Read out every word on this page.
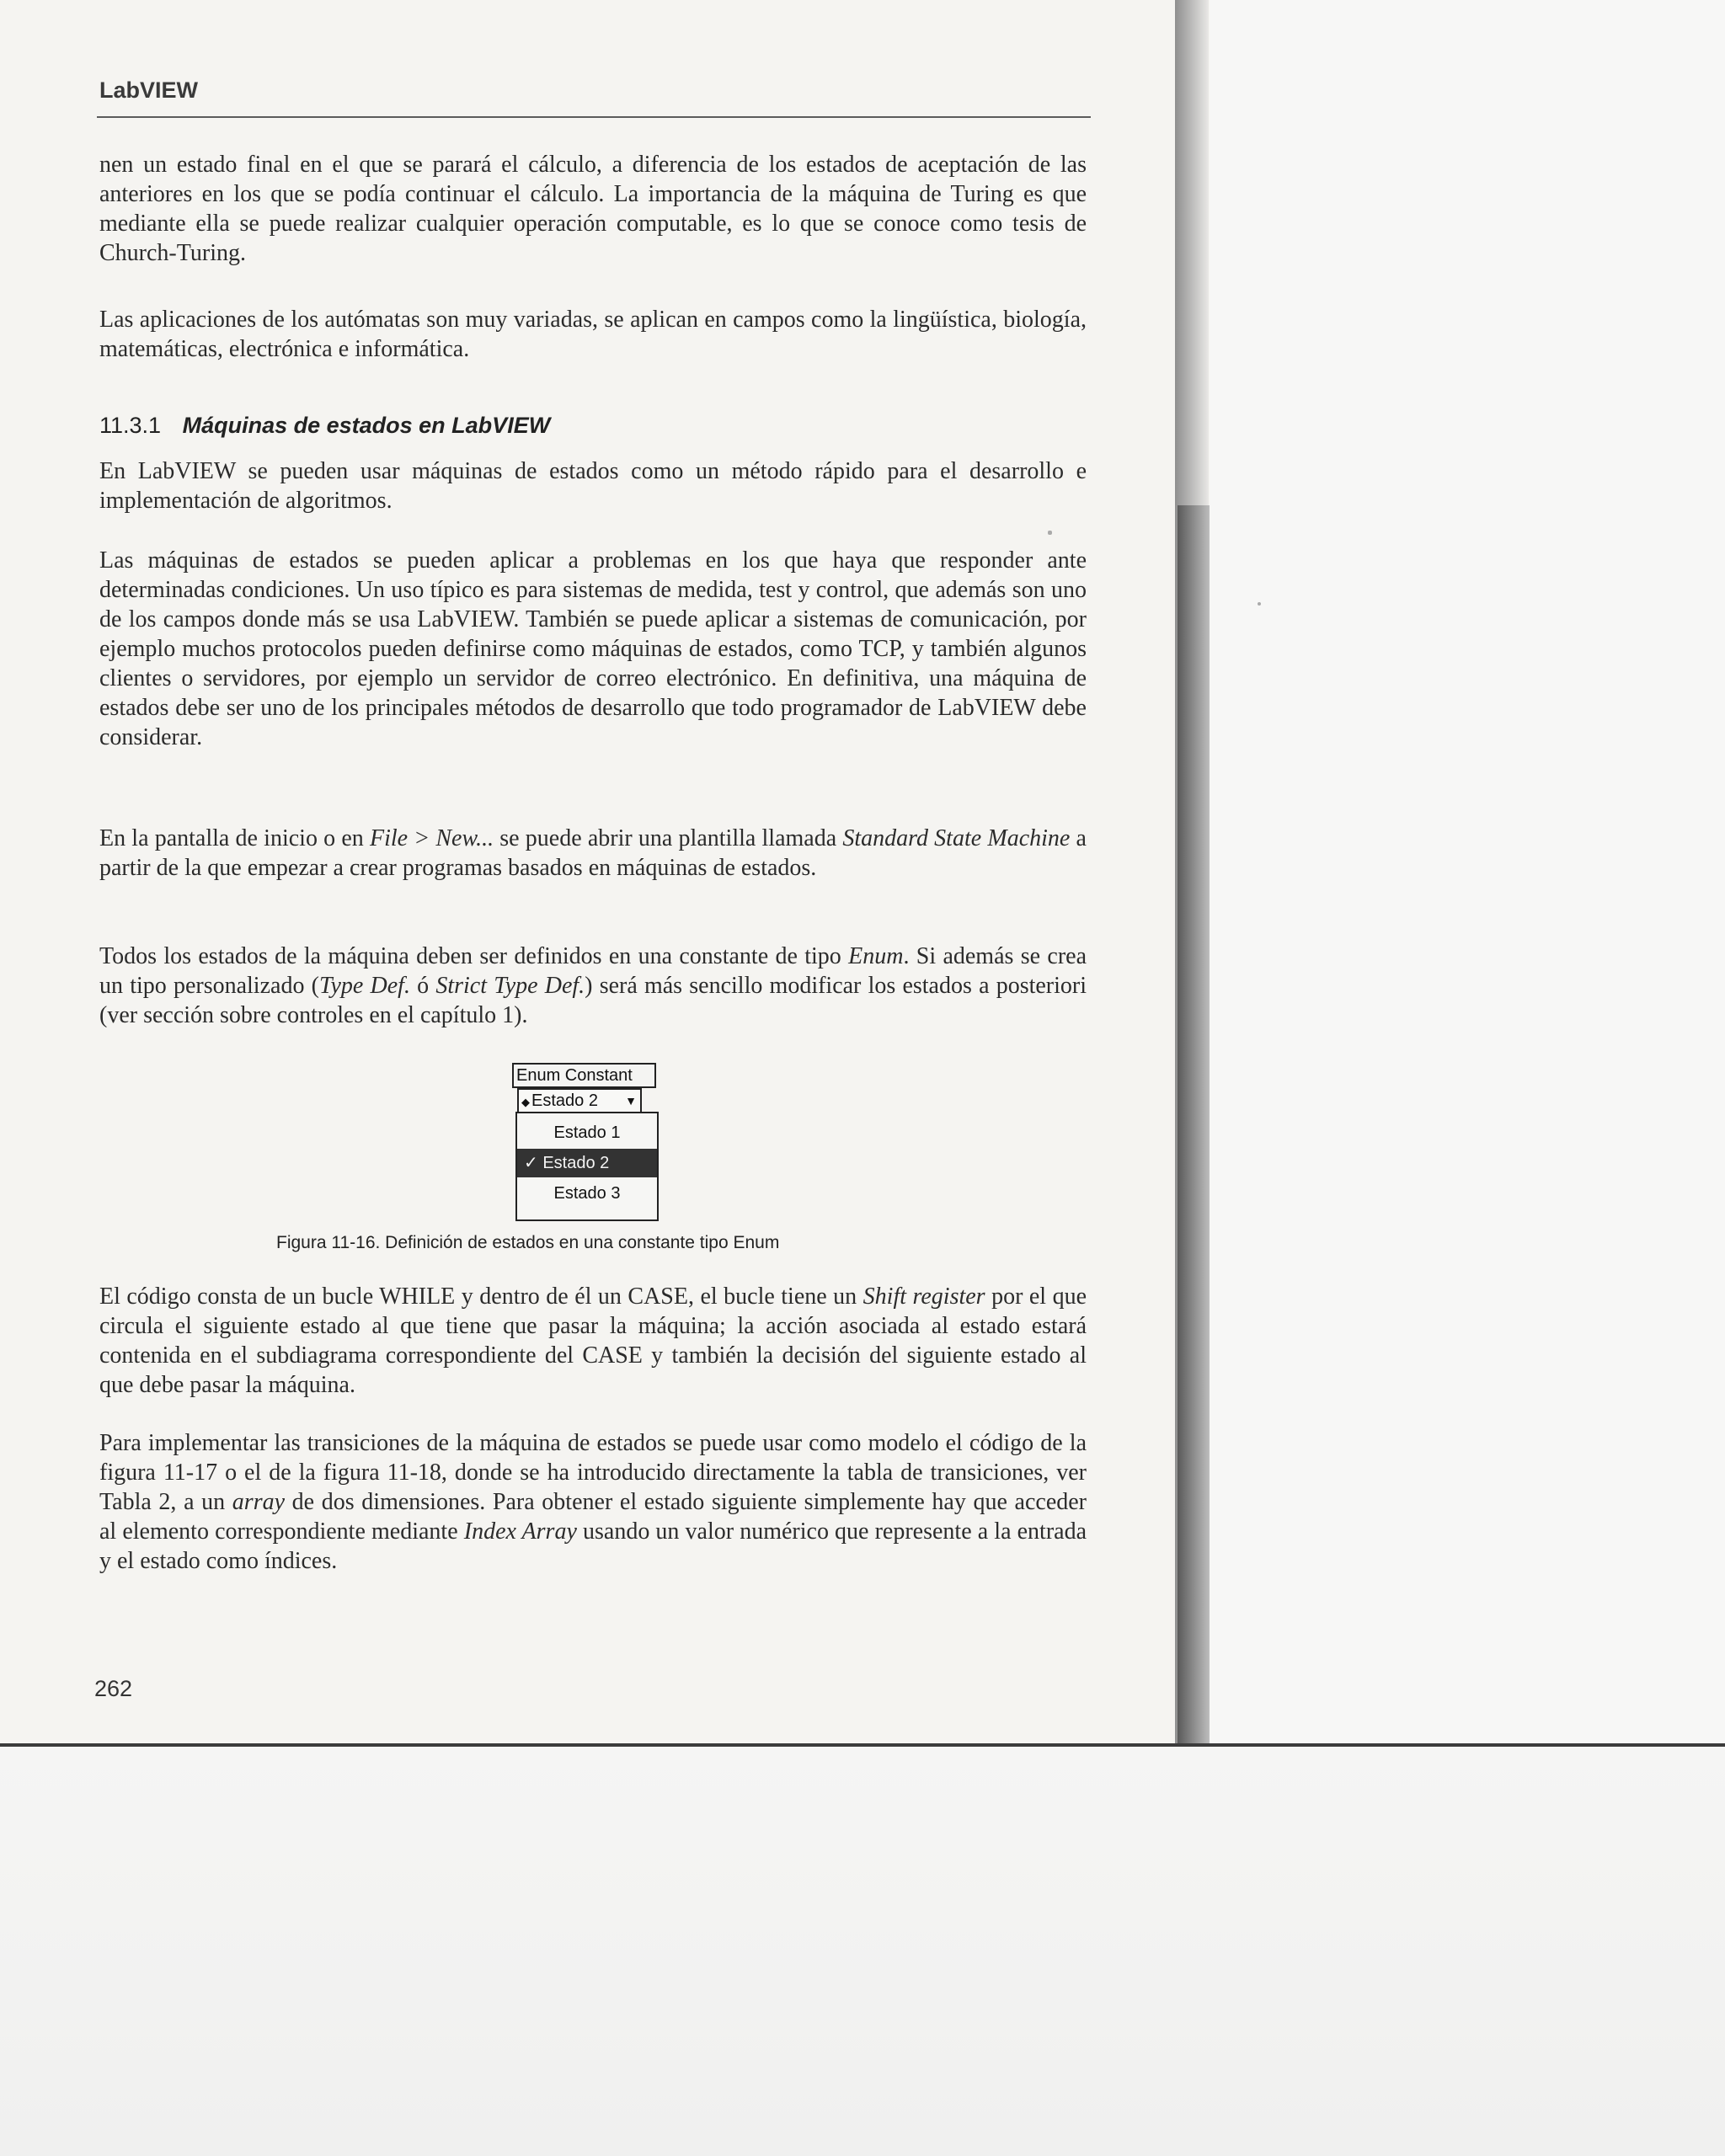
LabVIEW
nen un estado final en el que se parará el cálculo, a diferencia de los estados de aceptación de las anteriores en los que se podía continuar el cálculo. La importancia de la máquina de Turing es que mediante ella se puede realizar cualquier operación computable, es lo que se conoce como tesis de Church-Turing.
Las aplicaciones de los autómatas son muy variadas, se aplican en campos como la lingüística, biología, matemáticas, electrónica e informática.
11.3.1 Máquinas de estados en LabVIEW
En LabVIEW se pueden usar máquinas de estados como un método rápido para el desarrollo e implementación de algoritmos.
Las máquinas de estados se pueden aplicar a problemas en los que haya que responder ante determinadas condiciones. Un uso típico es para sistemas de medida, test y control, que además son uno de los campos donde más se usa LabVIEW. También se puede aplicar a sistemas de comunicación, por ejemplo muchos protocolos pueden definirse como máquinas de estados, como TCP, y también algunos clientes o servidores, por ejemplo un servidor de correo electrónico. En definitiva, una máquina de estados debe ser uno de los principales métodos de desarrollo que todo programador de LabVIEW debe considerar.
En la pantalla de inicio o en File > New... se puede abrir una plantilla llamada Standard State Machine a partir de la que empezar a crear programas basados en máquinas de estados.
Todos los estados de la máquina deben ser definidos en una constante de tipo Enum. Si además se crea un tipo personalizado (Type Def. ó Strict Type Def.) será más sencillo modificar los estados a posteriori (ver sección sobre controles en el capítulo 1).
Enum Constant
◆ Estado 2 ▼
Estado 1
✓ Estado 2
Estado 3
Figura 11-16. Definición de estados en una constante tipo Enum
El código consta de un bucle WHILE y dentro de él un CASE, el bucle tiene un Shift register por el que circula el siguiente estado al que tiene que pasar la máquina; la acción asociada al estado estará contenida en el subdiagrama correspondiente del CASE y también la decisión del siguiente estado al que debe pasar la máquina.
Para implementar las transiciones de la máquina de estados se puede usar como modelo el código de la figura 11-17 o el de la figura 11-18, donde se ha introducido directamente la tabla de transiciones, ver Tabla 2, a un array de dos dimensiones. Para obtener el estado siguiente simplemente hay que acceder al elemento correspondiente mediante Index Array usando un valor numérico que represente a la entrada y el estado como índices.
262
